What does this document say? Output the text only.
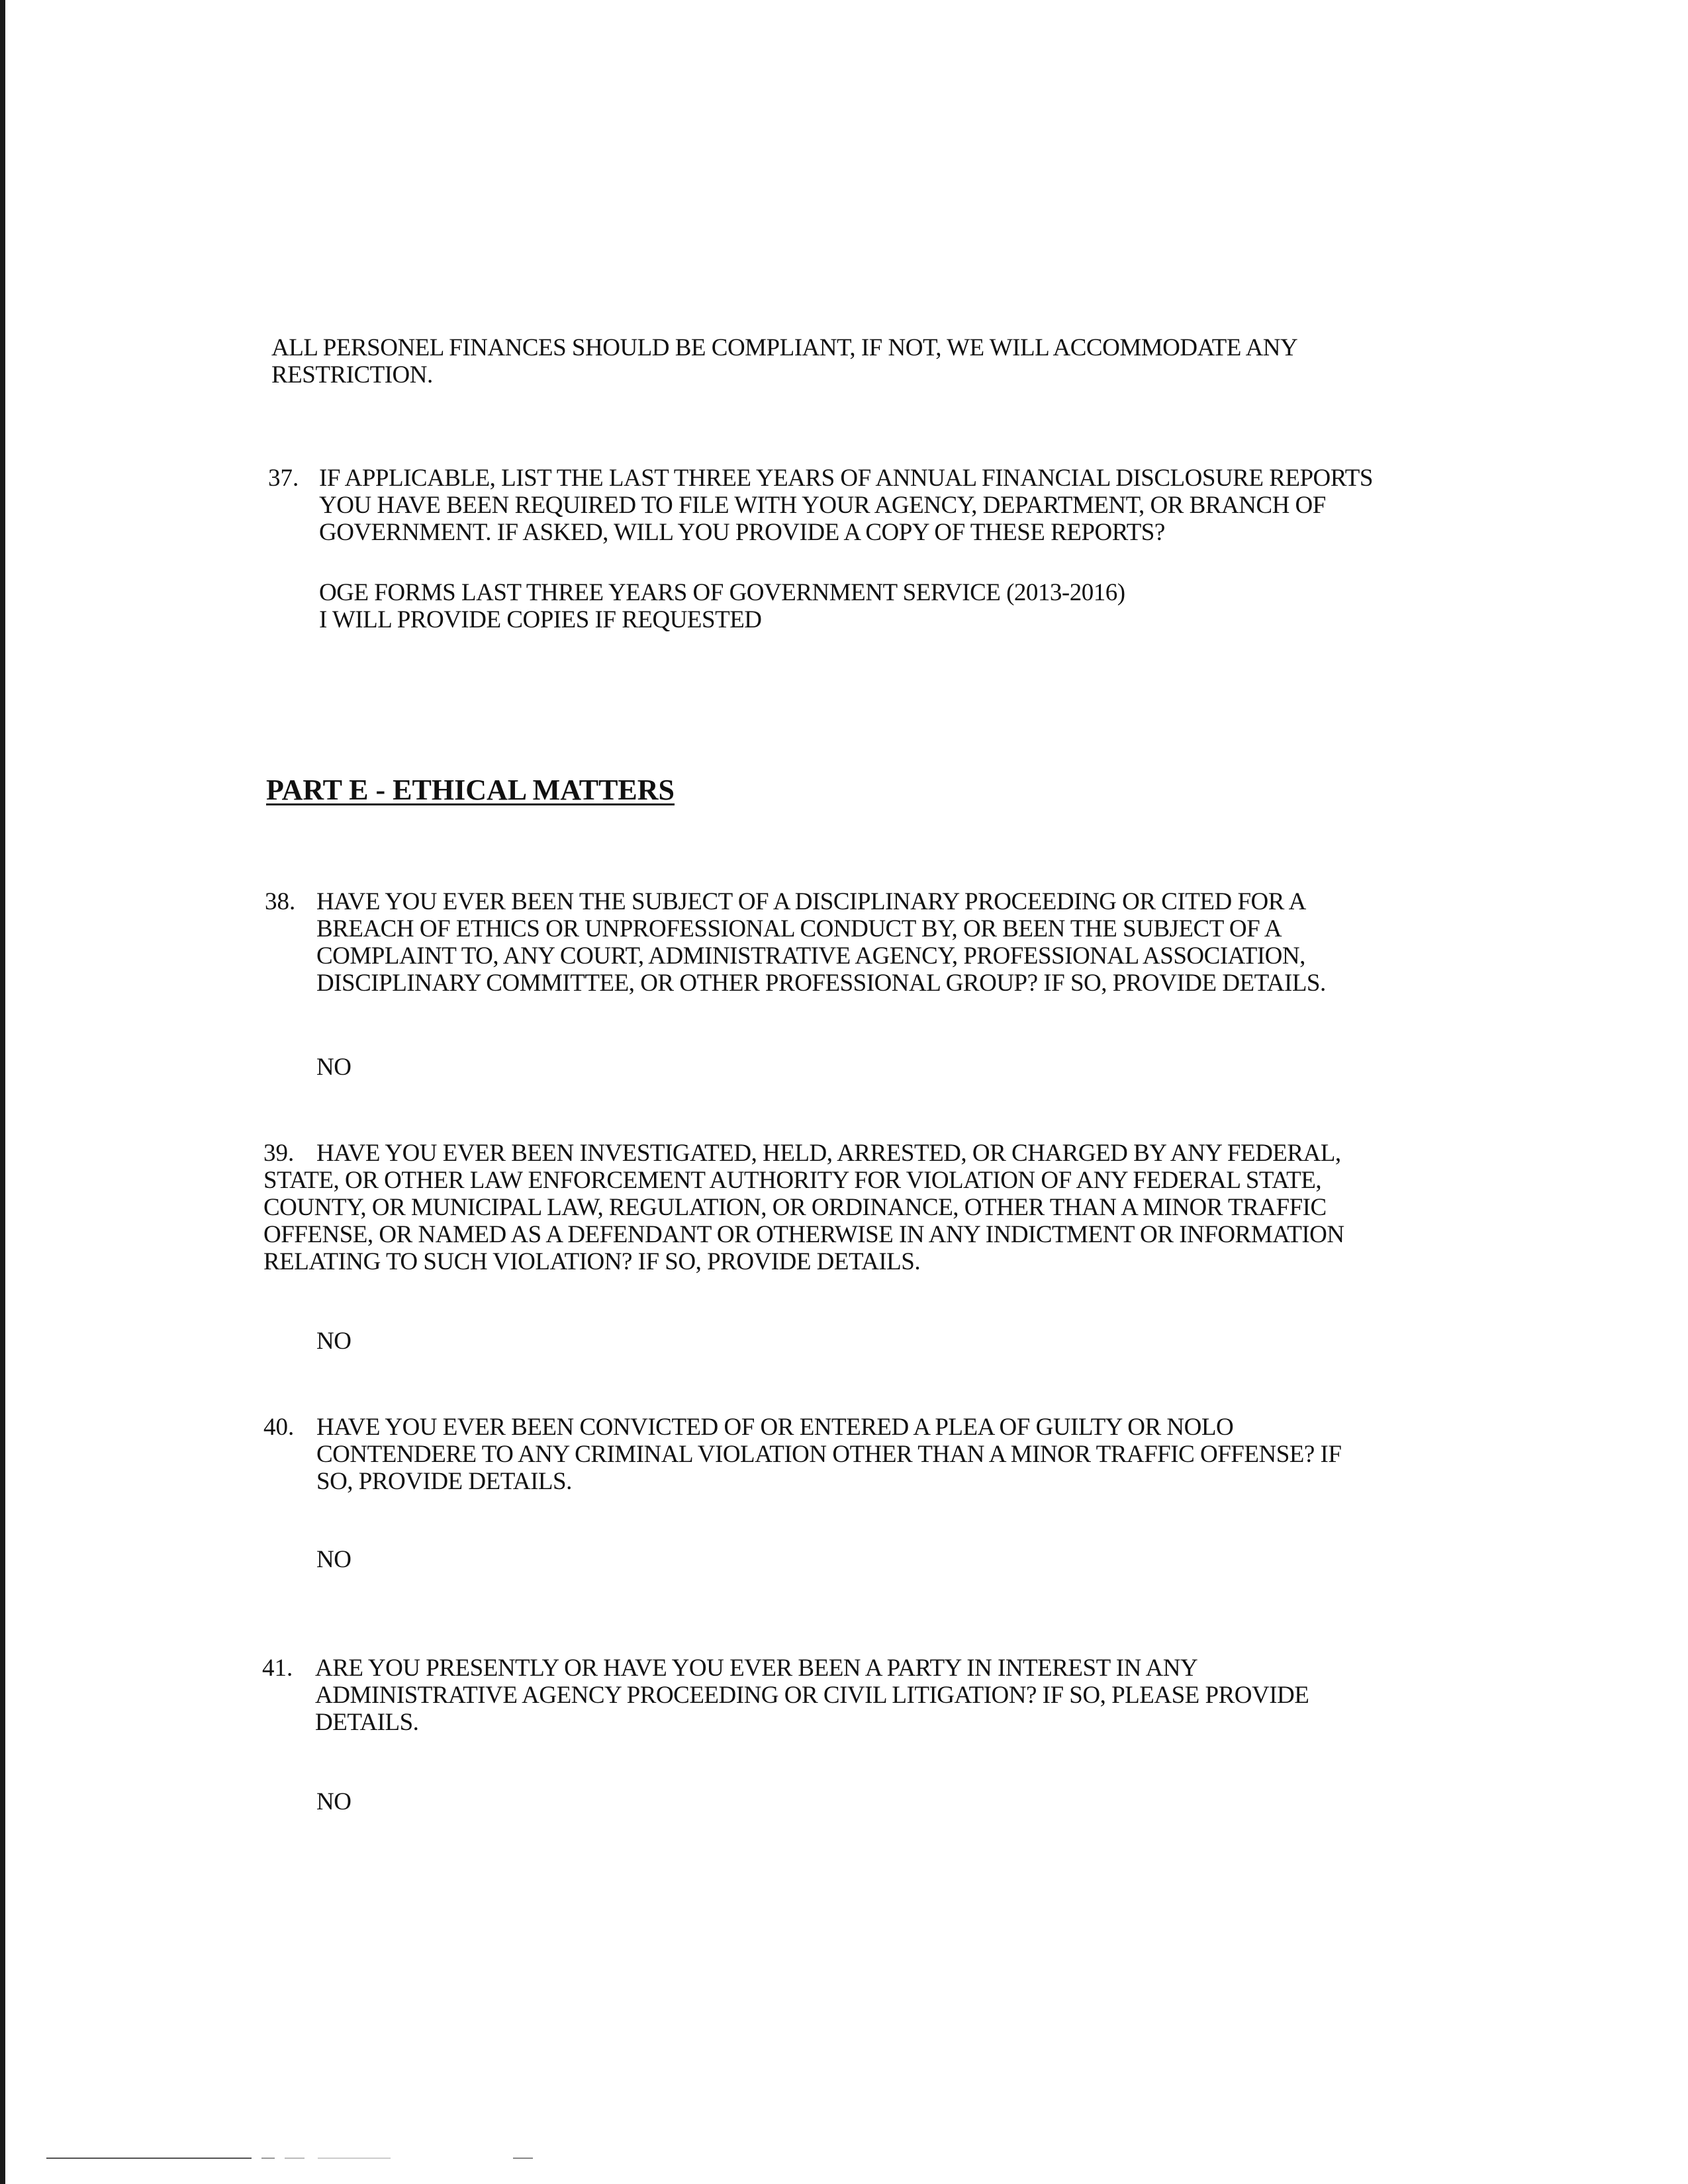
ALL PERSONEL FINANCES SHOULD BE COMPLIANT, IF NOT, WE WILL ACCOMMODATE ANY RESTRICTION.
37. IF APPLICABLE, LIST THE LAST THREE YEARS OF ANNUAL FINANCIAL DISCLOSURE REPORTS YOU HAVE BEEN REQUIRED TO FILE WITH YOUR AGENCY, DEPARTMENT, OR BRANCH OF GOVERNMENT. IF ASKED, WILL YOU PROVIDE A COPY OF THESE REPORTS?
OGE FORMS LAST THREE YEARS OF GOVERNMENT SERVICE (2013-2016)
I WILL PROVIDE COPIES IF REQUESTED
PART E - ETHICAL MATTERS
38. HAVE YOU EVER BEEN THE SUBJECT OF A DISCIPLINARY PROCEEDING OR CITED FOR A BREACH OF ETHICS OR UNPROFESSIONAL CONDUCT BY, OR BEEN THE SUBJECT OF A COMPLAINT TO, ANY COURT, ADMINISTRATIVE AGENCY, PROFESSIONAL ASSOCIATION, DISCIPLINARY COMMITTEE, OR OTHER PROFESSIONAL GROUP? IF SO, PROVIDE DETAILS.
NO
39. HAVE YOU EVER BEEN INVESTIGATED, HELD, ARRESTED, OR CHARGED BY ANY FEDERAL, STATE, OR OTHER LAW ENFORCEMENT AUTHORITY FOR VIOLATION OF ANY FEDERAL STATE, COUNTY, OR MUNICIPAL LAW, REGULATION, OR ORDINANCE, OTHER THAN A MINOR TRAFFIC OFFENSE, OR NAMED AS A DEFENDANT OR OTHERWISE IN ANY INDICTMENT OR INFORMATION RELATING TO SUCH VIOLATION? IF SO, PROVIDE DETAILS.
NO
40. HAVE YOU EVER BEEN CONVICTED OF OR ENTERED A PLEA OF GUILTY OR NOLO CONTENDERE TO ANY CRIMINAL VIOLATION OTHER THAN A MINOR TRAFFIC OFFENSE? IF SO, PROVIDE DETAILS.
NO
41. ARE YOU PRESENTLY OR HAVE YOU EVER BEEN A PARTY IN INTEREST IN ANY ADMINISTRATIVE AGENCY PROCEEDING OR CIVIL LITIGATION? IF SO, PLEASE PROVIDE DETAILS.
NO
